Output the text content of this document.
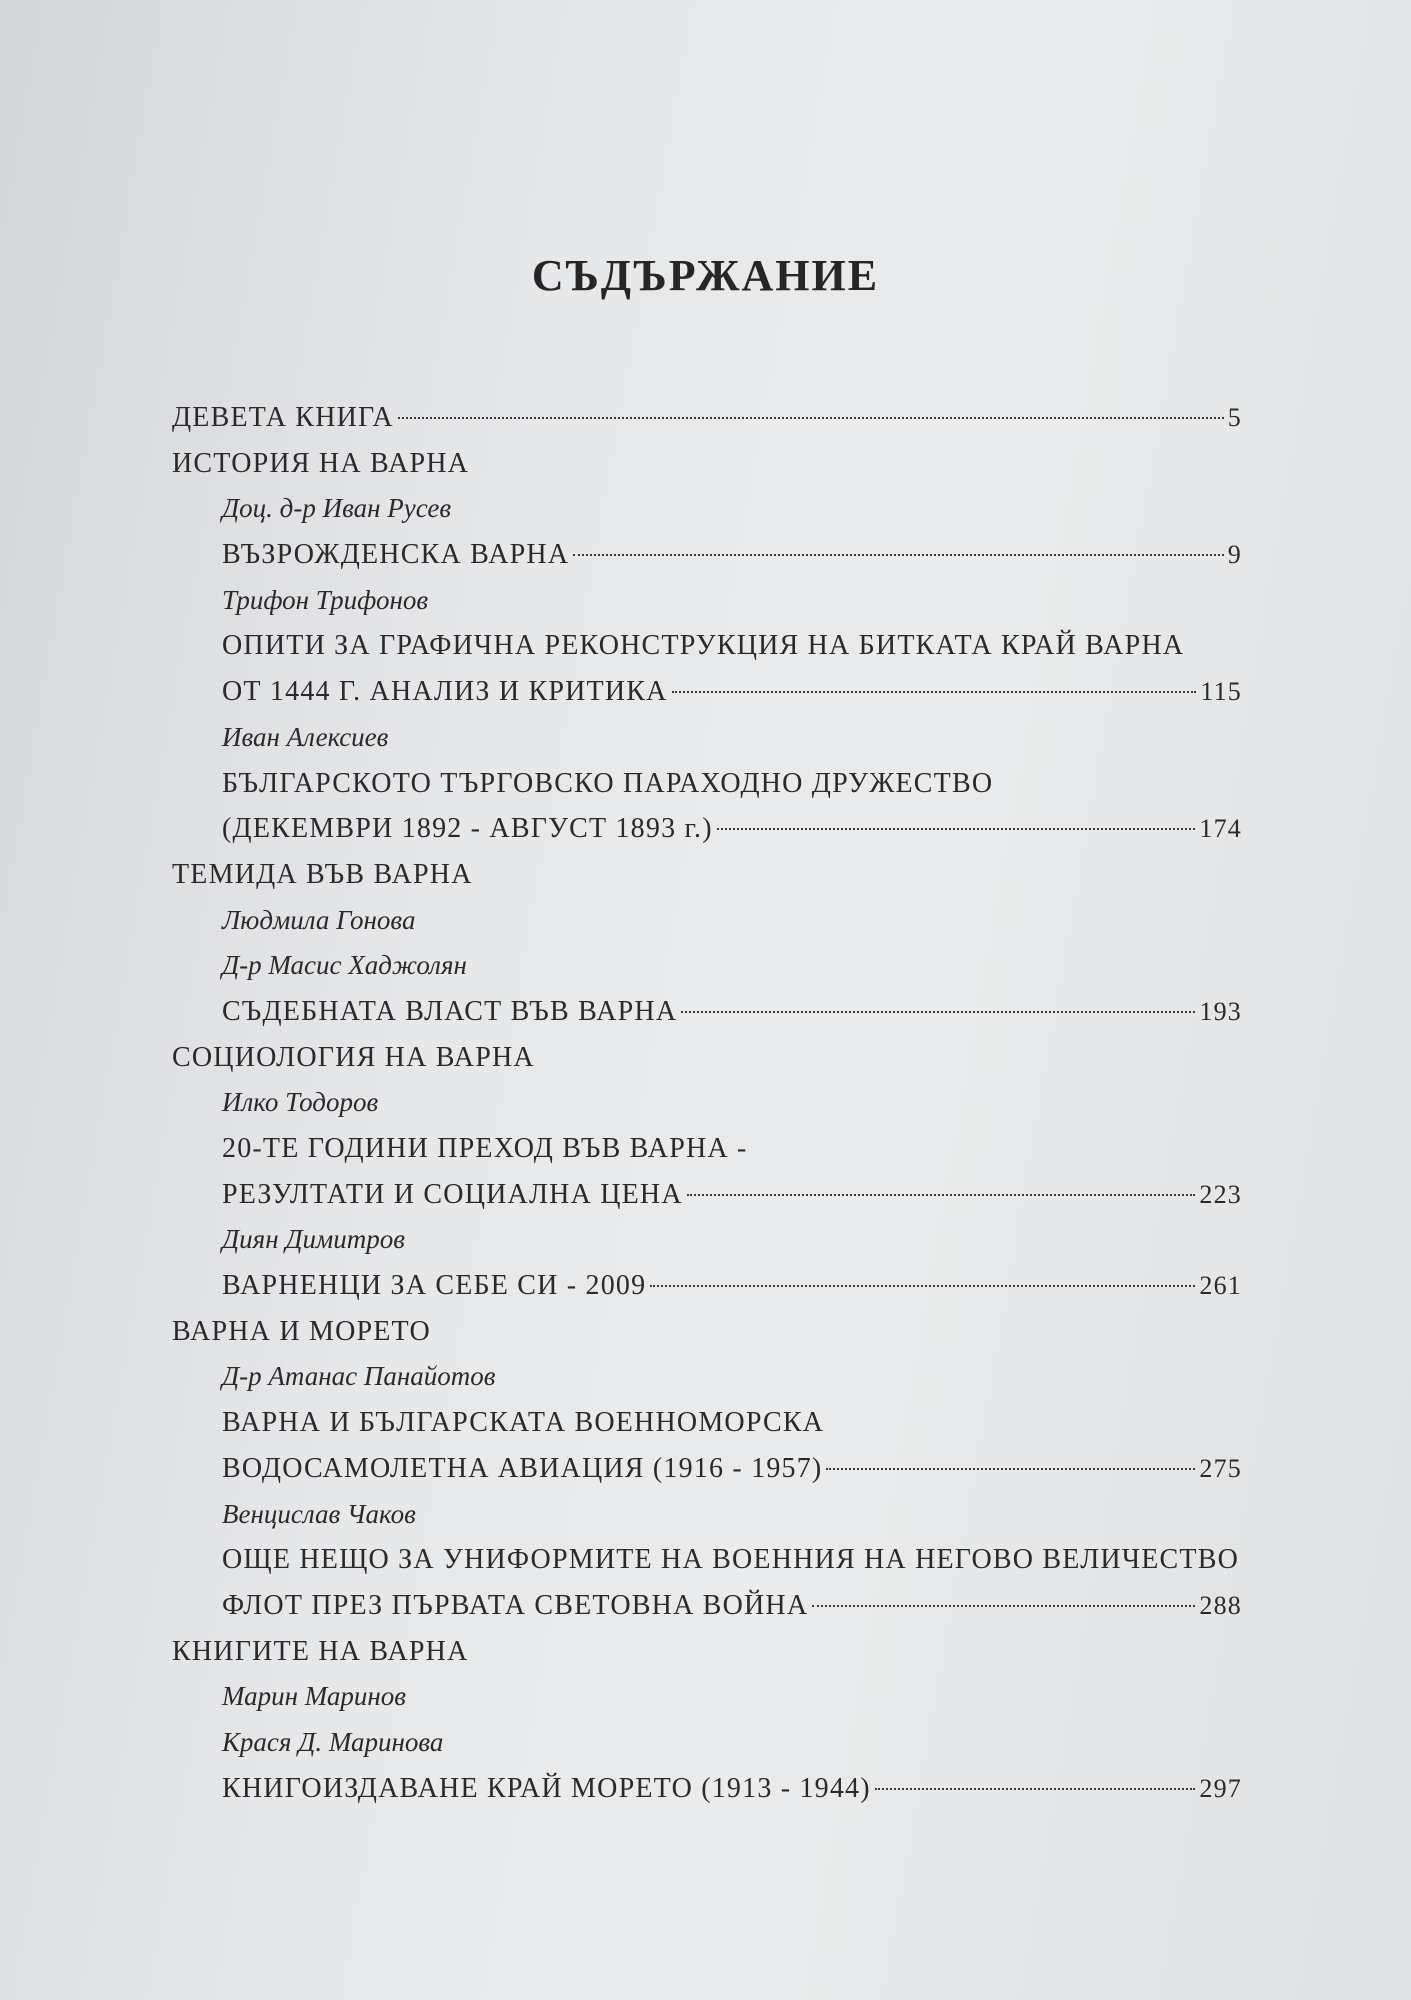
СЪДЪРЖАНИЕ
ДЕВЕТА КНИГА	5
ИСТОРИЯ НА ВАРНА
Доц. д-р Иван Русев
ВЪЗРОЖДЕНСКА ВАРНА	9
Трифон Трифонов
ОПИТИ ЗА ГРАФИЧНА РЕКОНСТРУКЦИЯ НА БИТКАТА КРАЙ ВАРНА
ОТ 1444 Г. АНАЛИЗ И КРИТИКА	115
Иван Алексиев
БЪЛГАРСКОТО ТЪРГОВСКО ПАРАХОДНО ДРУЖЕСТВО
(ДЕКЕМВРИ 1892 - АВГУСТ 1893 г.)	174
ТЕМИДА ВЪВ ВАРНА
Людмила Гонова
Д-р Масис Хаджолян
СЪДЕБНАТА ВЛАСТ ВЪВ ВАРНА	193
СОЦИОЛОГИЯ НА ВАРНА
Илко Тодоров
20-ТЕ ГОДИНИ ПРЕХОД ВЪВ ВАРНА -
РЕЗУЛТАТИ И СОЦИАЛНА ЦЕНА	223
Диян Димитров
ВАРНЕНЦИ ЗА СЕБЕ СИ - 2009	261
ВАРНА И МОРЕТО
Д-р Атанас Панайотов
ВАРНА И БЪЛГАРСКАТА ВОЕННОМОРСКА
ВОДОСАМОЛЕТНА АВИАЦИЯ (1916 - 1957)	275
Венцислав Чаков
ОЩЕ НЕЩО ЗА УНИФОРМИТЕ НА ВОЕННИЯ НА НЕГОВО ВЕЛИЧЕСТВО
ФЛОТ ПРЕЗ ПЪРВАТА СВЕТОВНА ВОЙНА	288
КНИГИТЕ НА ВАРНА
Марин Маринов
Крася Д. Маринова
КНИГОИЗДАВАНЕ КРАЙ МОРЕТО (1913 - 1944)	297
